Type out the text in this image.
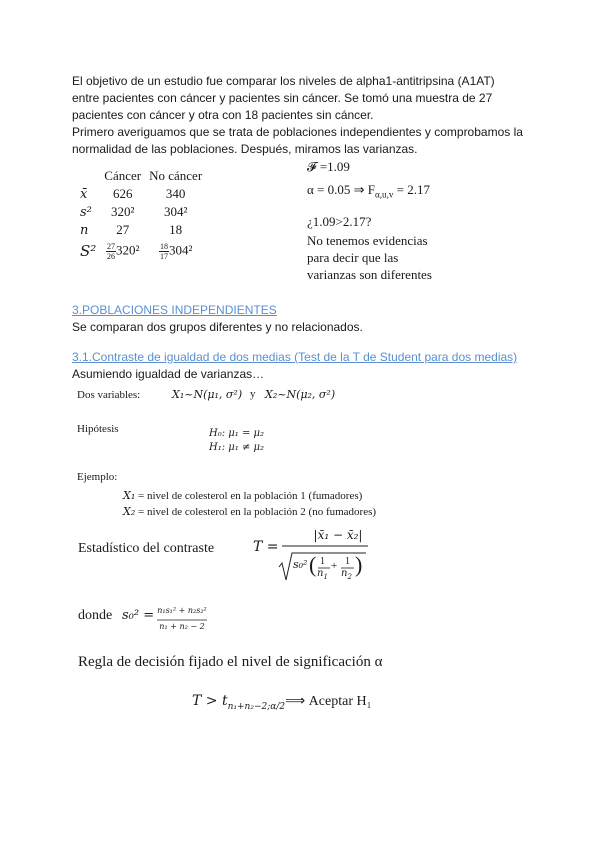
El objetivo de un estudio fue comparar los niveles de alpha1-antitripsina (A1AT)
entre pacientes con cáncer y pacientes sin cáncer. Se tomó una muestra de 27
pacientes con cáncer y otra con 18 pacientes sin cáncer.
Primero averiguamos que se trata de poblaciones independientes y comprobamos la
normalidad de las poblaciones. Después, miramos las varianzas.
	Cáncer	No cáncer
x̄	626	340
s²	320²	304²
n	27	18
S²	$\frac{27}{26} 320^2$	$\frac{18}{17} 304^2$
𝓕 =1.09
α = 0.05 ⇒ $F_{\alpha,u,v} = 2.17$
¿1.09>2.17?
No tenemos evidencias
para decir que las
varianzas son diferentes
3.POBLACIONES INDEPENDIENTES
Se comparan dos grupos diferentes y no relacionados.
3.1.Contraste de igualdad de dos medias (Test de la T de Student para dos medias)
Asumiendo igualdad de varianzas…
Dos variables:	X₁~N(μ₁, σ²) y X₂~N(μ₂, σ²)
Hipótesis	H₀: μ₁ = μ₂
H₁: μ₁ ≠ μ₂
Ejemplo:
X₁ = nivel de colesterol en la población 1 (fumadores)
X₂ = nivel de colesterol en la población 2 (no fumadores)
Estadístico del contraste	T =
|x̄₁ − x̄₂|
s₀² ( 1
$n_1$
+ 1
$n_2$ )
donde s₀² = n₁s₁² + n₂s₂²
n₁ + n₂ − 2
Regla de decisión fijado el nivel de significación α
$T > t_{n_1+n_2-2;\alpha/2}⟹$ Aceptar H₁
